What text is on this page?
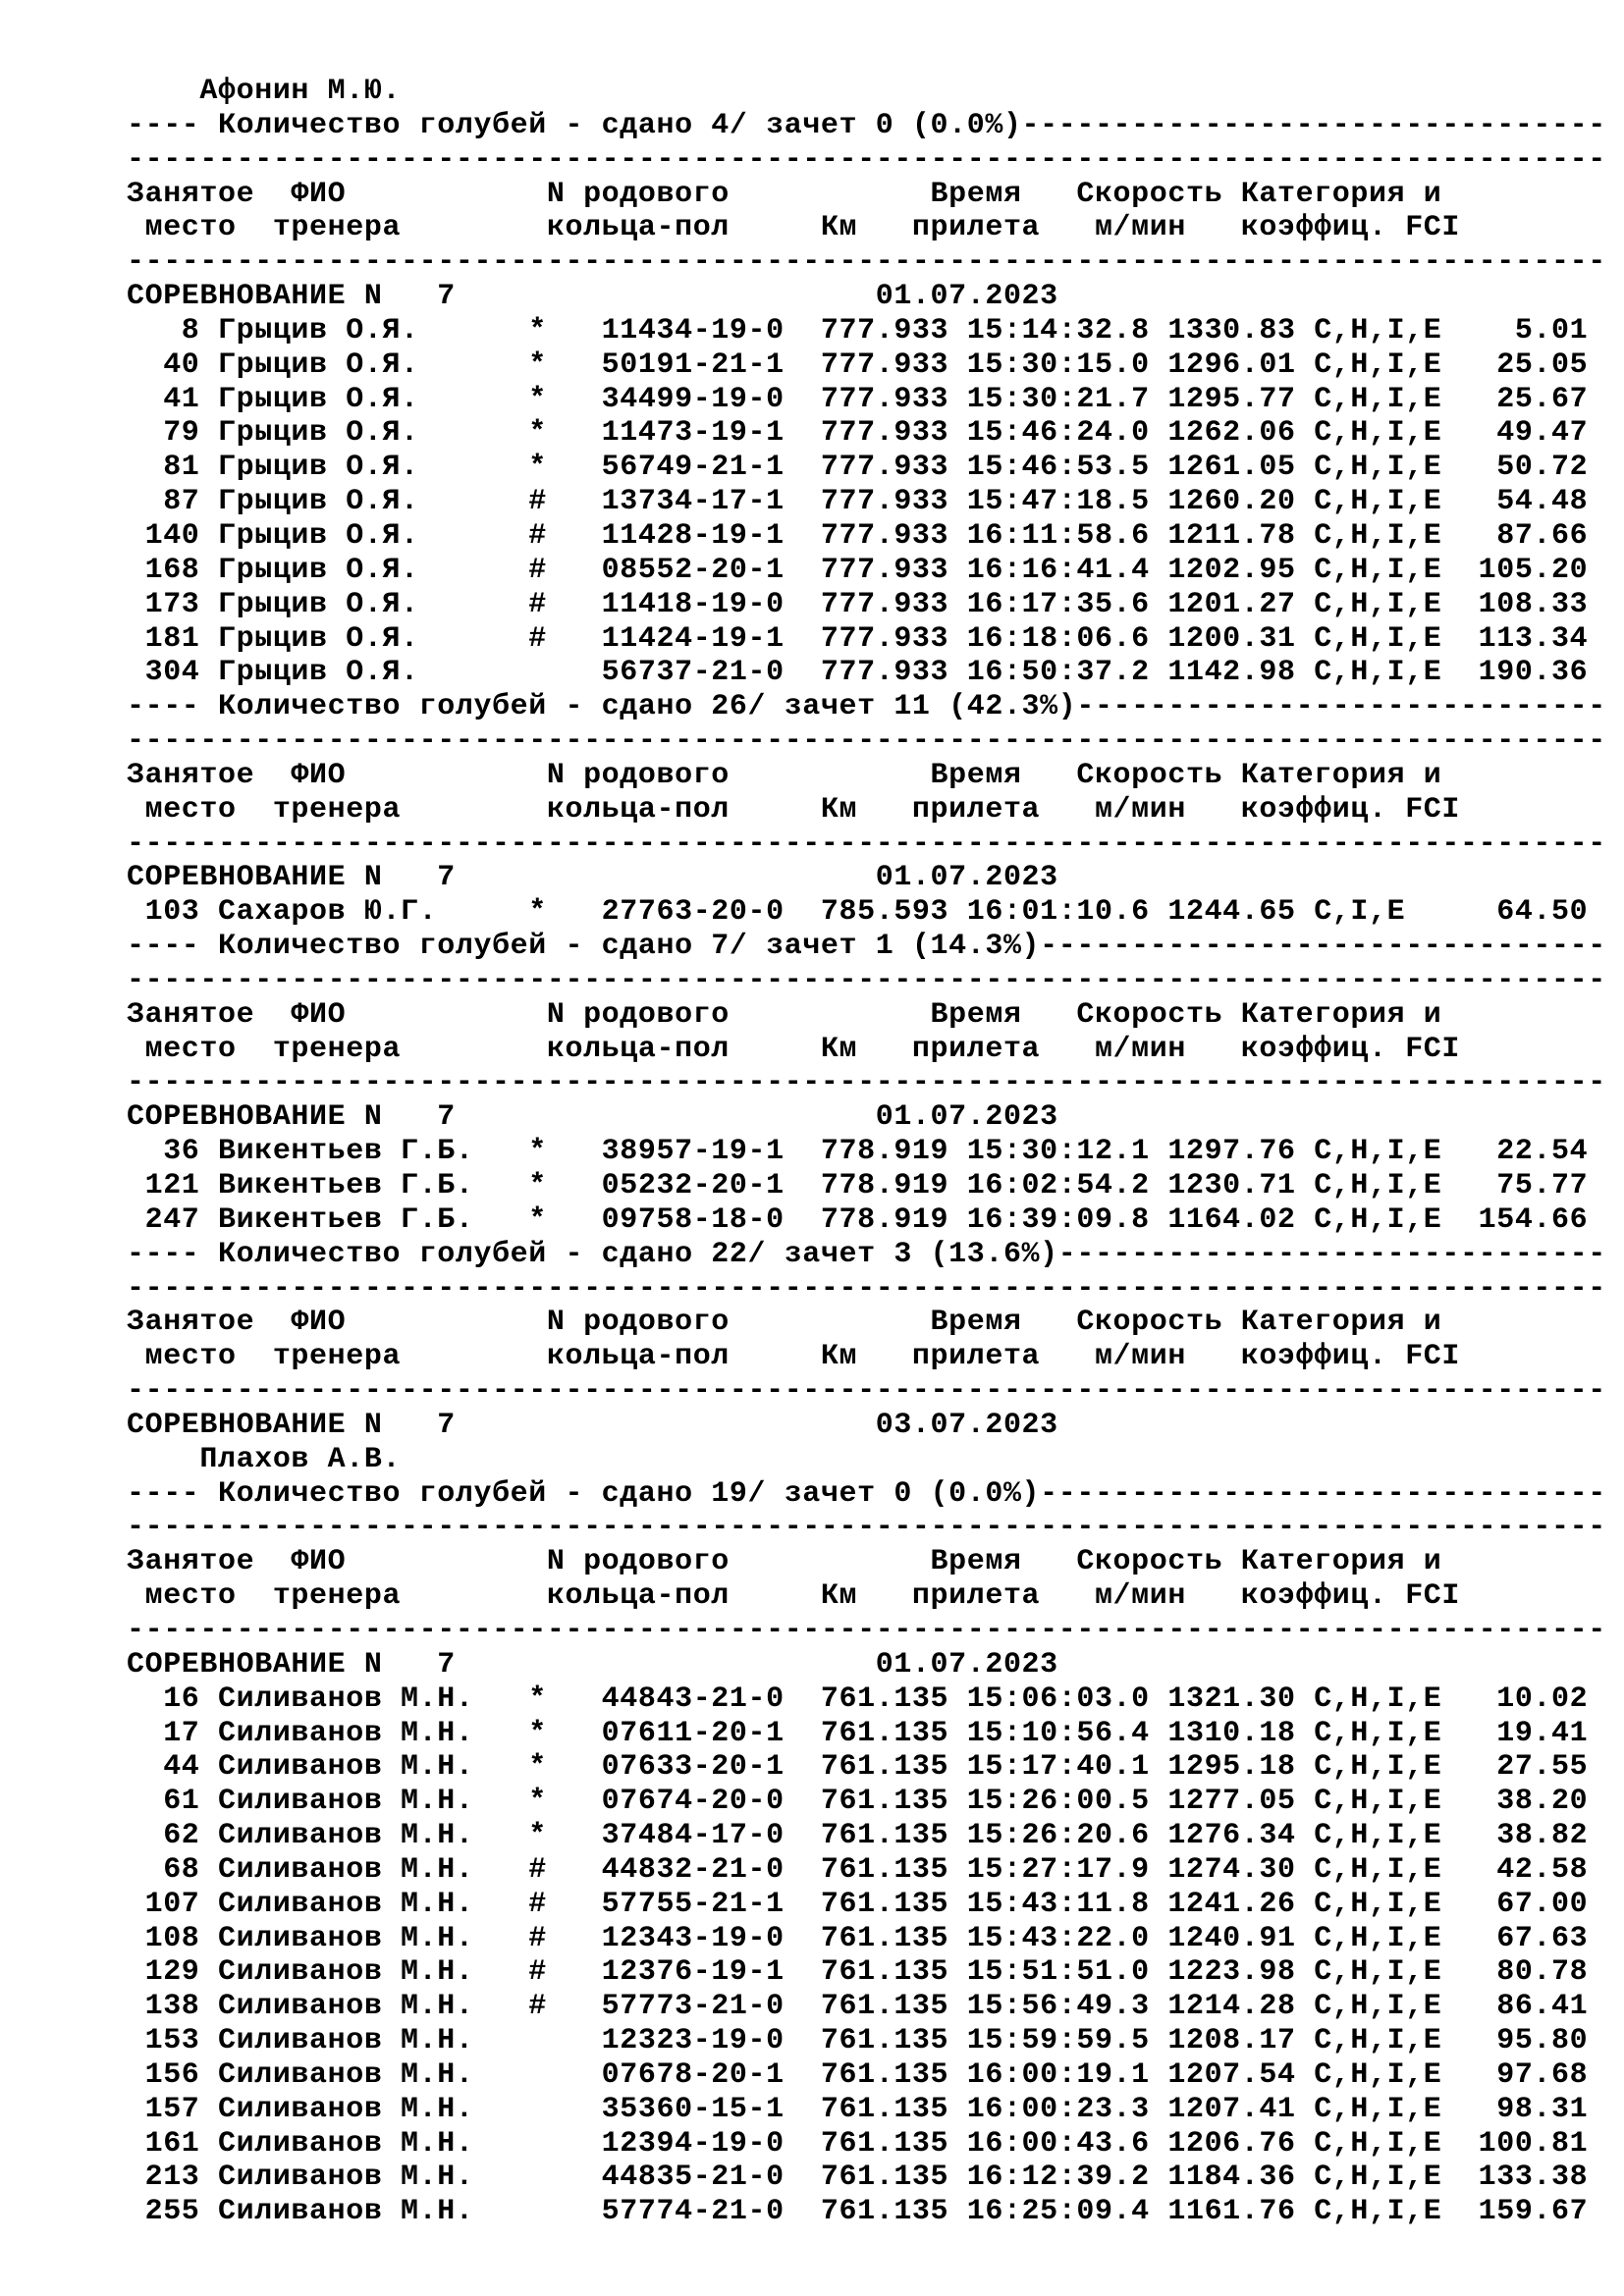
Афонин М.Ю.
---- Количество голубей - сдано 4/ зачет 0 (0.0%)--------------------------------
---------------------------------------------------------------------------------
Занятое  ФИО           N родового           Время   Скорость Категория и
место  тренера        кольца-пол     Км   прилета   м/мин   коэффиц. FCI
---------------------------------------------------------------------------------
СОРЕВНОВАНИЕ N   7                       01.07.2023
8 Грыцив О.Я.      *   11434-19-0  777.933 15:14:32.8 1330.83 C,H,I,E    5.01
40 Грыцив О.Я.      *   50191-21-1  777.933 15:30:15.0 1296.01 C,H,I,E   25.05
41 Грыцив О.Я.      *   34499-19-0  777.933 15:30:21.7 1295.77 C,H,I,E   25.67
79 Грыцив О.Я.      *   11473-19-1  777.933 15:46:24.0 1262.06 C,H,I,E   49.47
81 Грыцив О.Я.      *   56749-21-1  777.933 15:46:53.5 1261.05 C,H,I,E   50.72
87 Грыцив О.Я.      #   13734-17-1  777.933 15:47:18.5 1260.20 C,H,I,E   54.48
140 Грыцив О.Я.      #   11428-19-1  777.933 16:11:58.6 1211.78 C,H,I,E   87.66
168 Грыцив О.Я.      #   08552-20-1  777.933 16:16:41.4 1202.95 C,H,I,E  105.20
173 Грыцив О.Я.      #   11418-19-0  777.933 16:17:35.6 1201.27 C,H,I,E  108.33
181 Грыцив О.Я.      #   11424-19-1  777.933 16:18:06.6 1200.31 C,H,I,E  113.34
304 Грыцив О.Я.          56737-21-0  777.933 16:50:37.2 1142.98 C,H,I,E  190.36
---- Количество голубей - сдано 26/ зачет 11 (42.3%)-----------------------------
---------------------------------------------------------------------------------
Занятое  ФИО           N родового           Время   Скорость Категория и
место  тренера        кольца-пол     Км   прилета   м/мин   коэффиц. FCI
---------------------------------------------------------------------------------
СОРЕВНОВАНИЕ N   7                       01.07.2023
103 Сахаров Ю.Г.     *   27763-20-0  785.593 16:01:10.6 1244.65 C,I,E     64.50
---- Количество голубей - сдано 7/ зачет 1 (14.3%)-------------------------------
---------------------------------------------------------------------------------
Занятое  ФИО           N родового           Время   Скорость Категория и
место  тренера        кольца-пол     Км   прилета   м/мин   коэффиц. FCI
---------------------------------------------------------------------------------
СОРЕВНОВАНИЕ N   7                       01.07.2023
36 Викентьев Г.Б.   *   38957-19-1  778.919 15:30:12.1 1297.76 C,H,I,E   22.54
121 Викентьев Г.Б.   *   05232-20-1  778.919 16:02:54.2 1230.71 C,H,I,E   75.77
247 Викентьев Г.Б.   *   09758-18-0  778.919 16:39:09.8 1164.02 C,H,I,E  154.66
---- Количество голубей - сдано 22/ зачет 3 (13.6%)------------------------------
---------------------------------------------------------------------------------
Занятое  ФИО           N родового           Время   Скорость Категория и
место  тренера        кольца-пол     Км   прилета   м/мин   коэффиц. FCI
---------------------------------------------------------------------------------
СОРЕВНОВАНИЕ N   7                       03.07.2023
Плахов А.В.
---- Количество голубей - сдано 19/ зачет 0 (0.0%)-------------------------------
---------------------------------------------------------------------------------
Занятое  ФИО           N родового           Время   Скорость Категория и
место  тренера        кольца-пол     Км   прилета   м/мин   коэффиц. FCI
---------------------------------------------------------------------------------
СОРЕВНОВАНИЕ N   7                       01.07.2023
16 Силиванов М.Н.   *   44843-21-0  761.135 15:06:03.0 1321.30 C,H,I,E   10.02
17 Силиванов М.Н.   *   07611-20-1  761.135 15:10:56.4 1310.18 C,H,I,E   19.41
44 Силиванов М.Н.   *   07633-20-1  761.135 15:17:40.1 1295.18 C,H,I,E   27.55
61 Силиванов М.Н.   *   07674-20-0  761.135 15:26:00.5 1277.05 C,H,I,E   38.20
62 Силиванов М.Н.   *   37484-17-0  761.135 15:26:20.6 1276.34 C,H,I,E   38.82
68 Силиванов М.Н.   #   44832-21-0  761.135 15:27:17.9 1274.30 C,H,I,E   42.58
107 Силиванов М.Н.   #   57755-21-1  761.135 15:43:11.8 1241.26 C,H,I,E   67.00
108 Силиванов М.Н.   #   12343-19-0  761.135 15:43:22.0 1240.91 C,H,I,E   67.63
129 Силиванов М.Н.   #   12376-19-1  761.135 15:51:51.0 1223.98 C,H,I,E   80.78
138 Силиванов М.Н.   #   57773-21-0  761.135 15:56:49.3 1214.28 C,H,I,E   86.41
153 Силиванов М.Н.       12323-19-0  761.135 15:59:59.5 1208.17 C,H,I,E   95.80
156 Силиванов М.Н.       07678-20-1  761.135 16:00:19.1 1207.54 C,H,I,E   97.68
157 Силиванов М.Н.       35360-15-1  761.135 16:00:23.3 1207.41 C,H,I,E   98.31
161 Силиванов М.Н.       12394-19-0  761.135 16:00:43.6 1206.76 C,H,I,E  100.81
213 Силиванов М.Н.       44835-21-0  761.135 16:12:39.2 1184.36 C,H,I,E  133.38
255 Силиванов М.Н.       57774-21-0  761.135 16:25:09.4 1161.76 C,H,I,E  159.67
